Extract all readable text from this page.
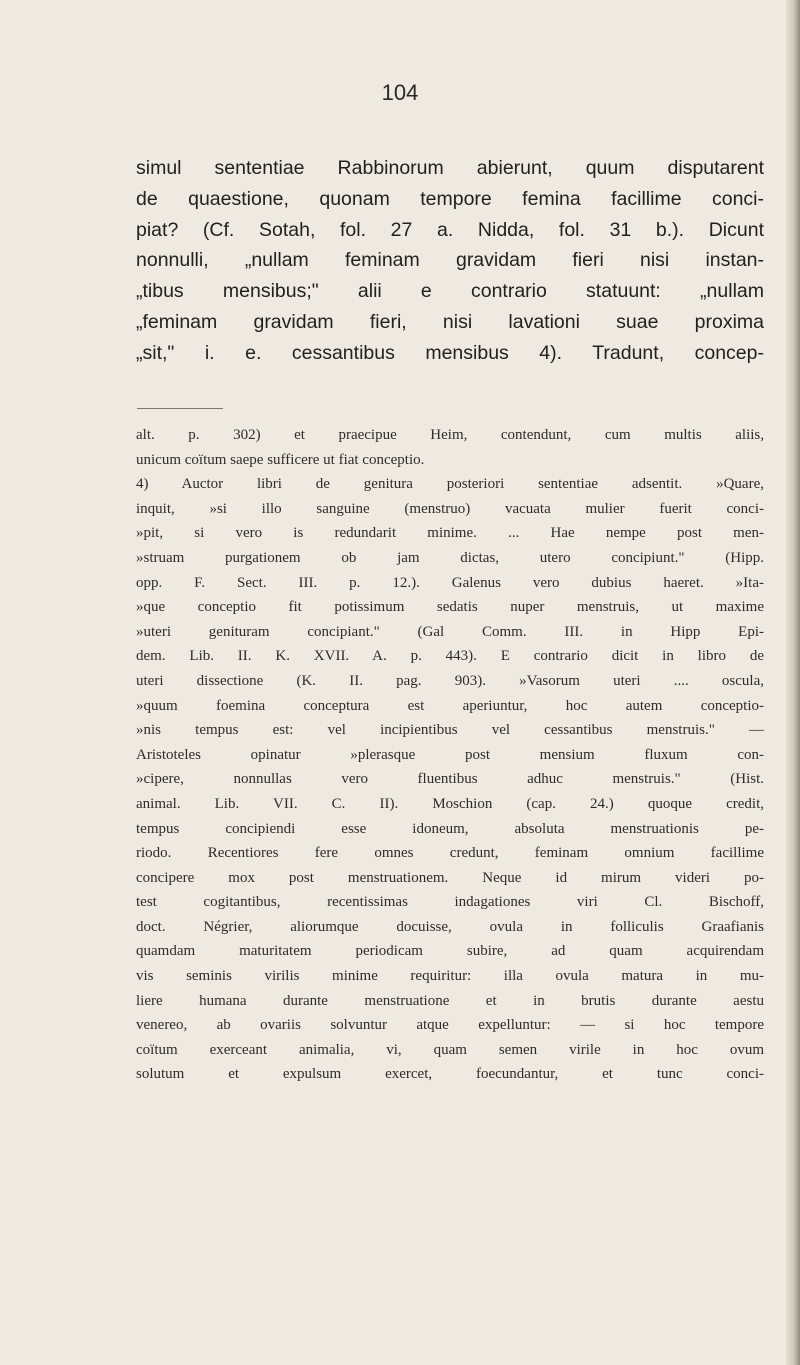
104
simul sententiae Rabbinorum abierunt, quum disputarent
de quaestione, quonam tempore femina facillime conci-
piat? (Cf. Sotah, fol. 27 a. Nidda, fol. 31 b.). Dicunt
nonnulli, „nullam feminam gravidam fieri nisi instan-
„tibus mensibus;" alii e contrario statuunt: „nullam
„feminam gravidam fieri, nisi lavationi suae proxima
„sit," i. e. cessantibus mensibus 4). Tradunt, concep-
alt. p. 302) et praecipue Heim, contendunt, cum multis aliis,
unicum coïtum saepe sufficere ut fiat conceptio.
4) Auctor libri de genitura posteriori sententiae adsentit. »Quare,
inquit, »si illo sanguine (menstruo) vacuata mulier fuerit conci-
»pit, si vero is redundarit minime. ... Hae nempe post men-
»struam purgationem ob jam dictas, utero concipiunt." (Hipp.
opp. F. Sect. III. p. 12.). Galenus vero dubius haeret. »Ita-
»que conceptio fit potissimum sedatis nuper menstruis, ut maxime
»uteri genituram concipiant." (Gal Comm. III. in Hipp Epi-
dem. Lib. II. K. XVII. A. p. 443). E contrario dicit in libro de
uteri dissectione (K. II. pag. 903). »Vasorum uteri .... oscula,
»quum foemina conceptura est aperiuntur, hoc autem conceptio-
»nis tempus est: vel incipientibus vel cessantibus menstruis." —
Aristoteles opinatur »plerasque post mensium fluxum con-
»cipere, nonnullas vero fluentibus adhuc menstruis." (Hist.
animal. Lib. VII. C. II). Moschion (cap. 24.) quoque credit,
tempus concipiendi esse idoneum, absoluta menstruationis pe-
riodo. Recentiores fere omnes credunt, feminam omnium facillime
concipere mox post menstruationem. Neque id mirum videri po-
test cogitantibus, recentissimas indagationes viri Cl. Bischoff,
doct. Négrier, aliorumque docuisse, ovula in folliculis Graafianis
quamdam maturitatem periodicam subire, ad quam acquirendam
vis seminis virilis minime requiritur: illa ovula matura in mu-
liere humana durante menstruatione et in brutis durante aestu
venereo, ab ovariis solvuntur atque expelluntur: — si hoc tempore
coïtum exerceant animalia, vi, quam semen virile in hoc ovum
solutum et expulsum exercet, foecundantur, et tunc conci-
